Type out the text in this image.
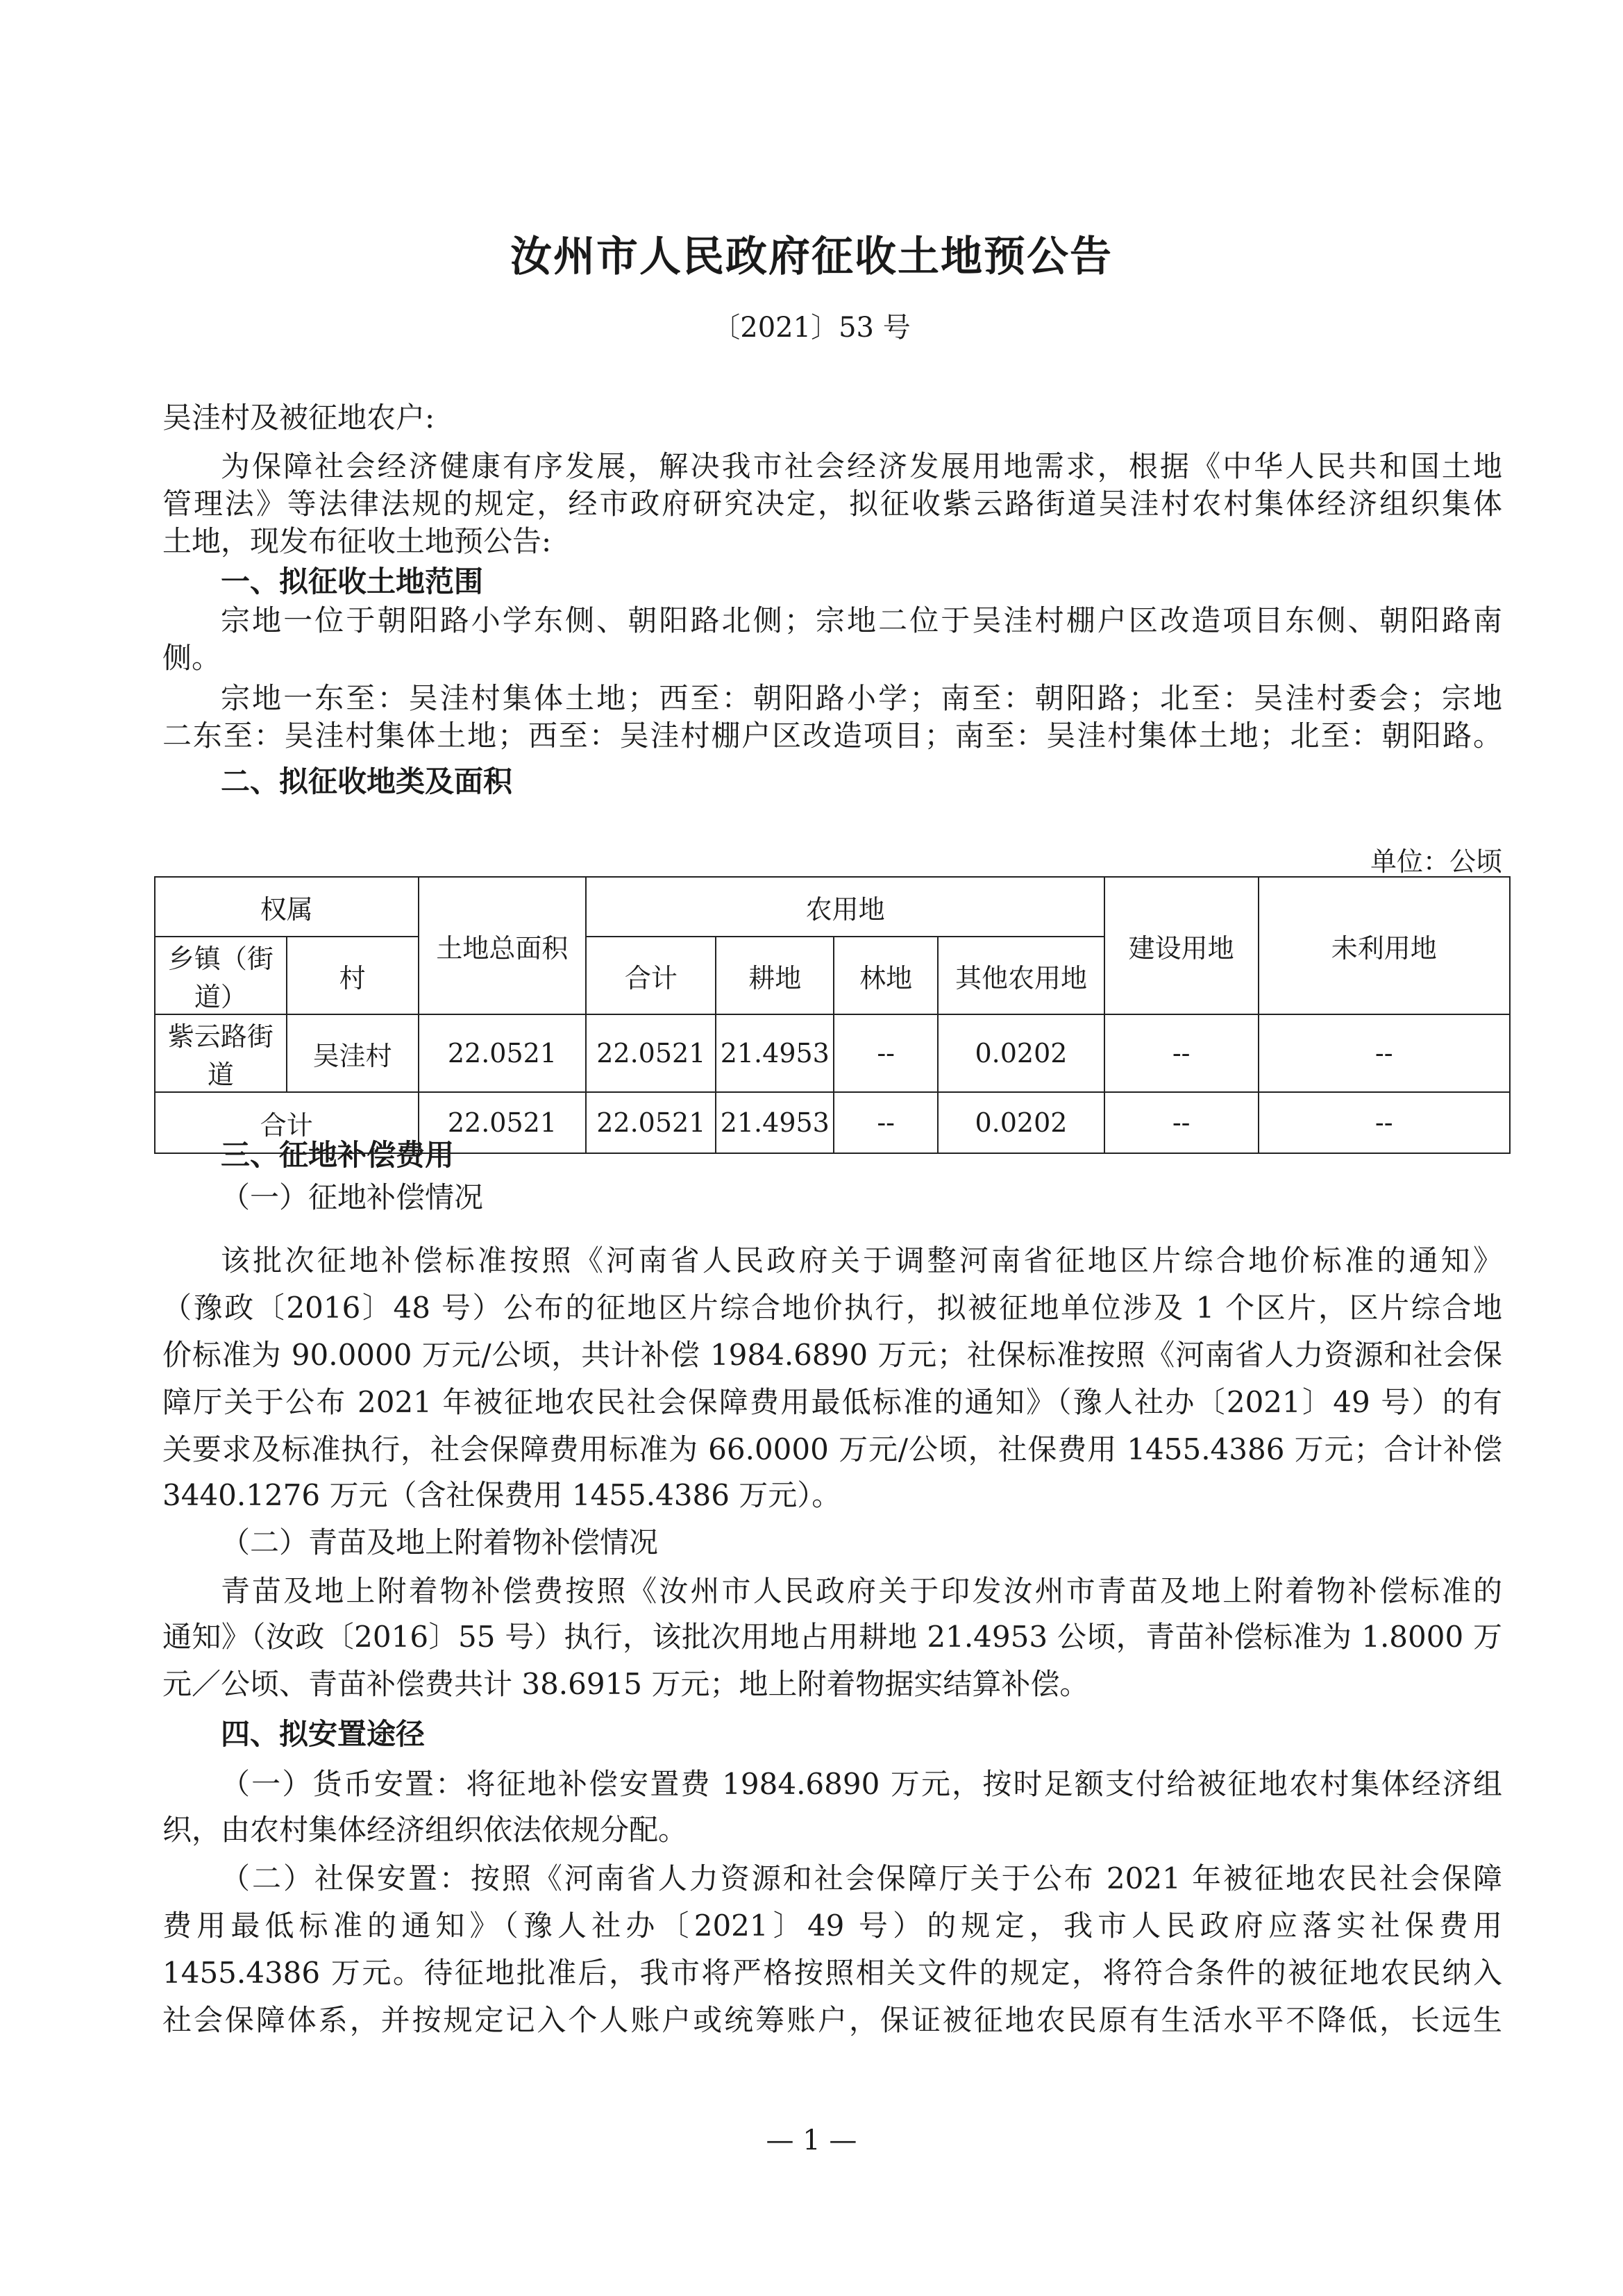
汝州市人民政府征收土地预公告
〔2021〕53 号
吴洼村及被征地农户:
为保障社会经济健康有序发展，解决我市社会经济发展用地需求，根据《中华人民共和国土地
管理法》等法律法规的规定，经市政府研究决定，拟征收紫云路街道吴洼村农村集体经济组织集体
土地，现发布征收土地预公告:
一、拟征收土地范围
宗地一位于朝阳路小学东侧、朝阳路北侧；宗地二位于吴洼村棚户区改造项目东侧、朝阳路南
侧。
宗地一东至：吴洼村集体土地；西至：朝阳路小学；南至：朝阳路；北至：吴洼村委会；宗地
二东至：吴洼村集体土地；西至：吴洼村棚户区改造项目；南至：吴洼村集体土地；北至：朝阳路。
二、拟征收地类及面积
三、征地补偿费用
（一）征地补偿情况
该批次征地补偿标准按照《河南省人民政府关于调整河南省征地区片综合地价标准的通知》
（豫政〔2016〕48 号）公布的征地区片综合地价执行，拟被征地单位涉及 1 个区片，区片综合地
价标准为 90.0000 万元/公顷，共计补偿 1984.6890 万元；社保标准按照《河南省人力资源和社会保
障厅关于公布 2021 年被征地农民社会保障费用最低标准的通知》（豫人社办〔2021〕49 号）的有
关要求及标准执行，社会保障费用标准为 66.0000 万元/公顷，社保费用 1455.4386 万元；合计补偿
3440.1276 万元（含社保费用 1455.4386 万元）。
（二）青苗及地上附着物补偿情况
青苗及地上附着物补偿费按照《汝州市人民政府关于印发汝州市青苗及地上附着物补偿标准的
通知》（汝政〔2016〕55 号）执行，该批次用地占用耕地 21.4953 公顷，青苗补偿标准为 1.8000 万
元／公顷、青苗补偿费共计 38.6915 万元；地上附着物据实结算补偿。
四、拟安置途径
（一）货币安置：将征地补偿安置费 1984.6890 万元，按时足额支付给被征地农村集体经济组
织，由农村集体经济组织依法依规分配。
（二）社保安置：按照《河南省人力资源和社会保障厅关于公布 2021 年被征地农民社会保障
费用最低标准的通知》（豫人社办〔2021〕49 号）的规定，我市人民政府应落实社保费用
1455.4386 万元。待征地批准后，我市将严格按照相关文件的规定，将符合条件的被征地农民纳入
社会保障体系，并按规定记入个人账户或统筹账户，保证被征地农民原有生活水平不降低，长远生
单位：公顷
权属		土地总面积	农用地				建设用地	未利用地
乡镇（街道）	村		合计	耕地	林地	其他农用地		
紫云路街道	吴洼村	22.0521	22.0521	21.4953	--	0.0202	--	--
合计		22.0521	22.0521	21.4953	--	0.0202	--	--
— 1 —
